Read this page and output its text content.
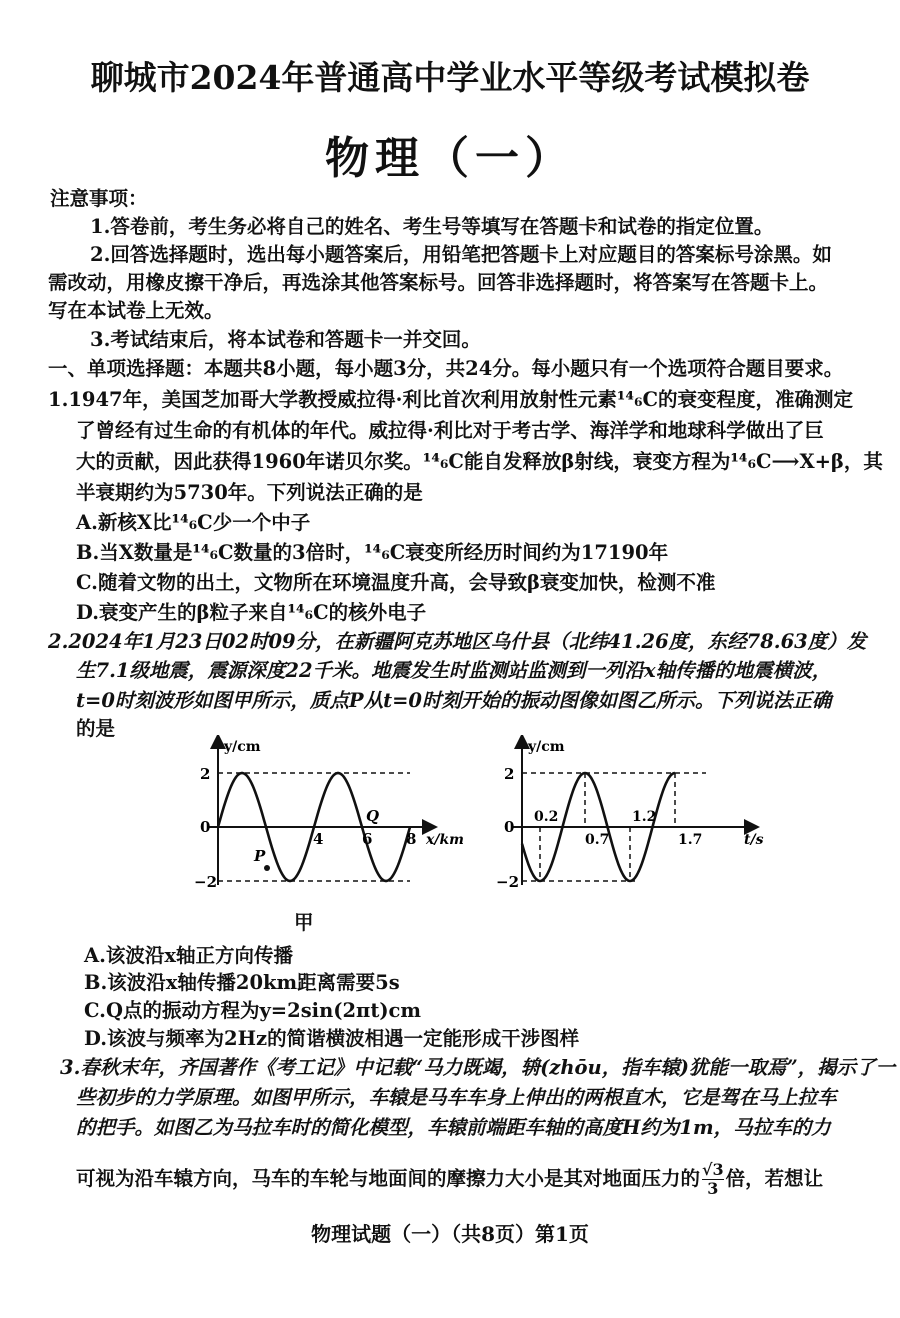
聊城市2024年普通高中学业水平等级考试模拟卷
物理（一）
注意事项：
1.答卷前，考生务必将自己的姓名、考生号等填写在答题卡和试卷的指定位置。
2.回答选择题时，选出每小题答案后，用铅笔把答题卡上对应题目的答案标号涂黑。如
需改动，用橡皮擦干净后，再选涂其他答案标号。回答非选择题时，将答案写在答题卡上。
写在本试卷上无效。
3.考试结束后，将本试卷和答题卡一并交回。
一、单项选择题：本题共8小题，每小题3分，共24分。每小题只有一个选项符合题目要求。
1.1947年，美国芝加哥大学教授威拉得·利比首次利用放射性元素¹⁴₆C的衰变程度，准确测定
了曾经有过生命的有机体的年代。威拉得·利比对于考古学、海洋学和地球科学做出了巨
大的贡献，因此获得1960年诺贝尔奖。¹⁴₆C能自发释放β射线，衰变方程为¹⁴₆C⟶X+β，其
半衰期约为5730年。下列说法正确的是
A.新核X比¹⁴₆C少一个中子
B.当X数量是¹⁴₆C数量的3倍时，¹⁴₆C衰变所经历时间约为17190年
C.随着文物的出土，文物所在环境温度升高，会导致β衰变加快，检测不准
D.衰变产生的β粒子来自¹⁴₆C的核外电子
2.2024年1月23日02时09分，在新疆阿克苏地区乌什县（北纬41.26度，东经78.63度）发
生7.1级地震，震源深度22千米。地震发生时监测站监测到一列沿x轴传播的地震横波，
t=0时刻波形如图甲所示，质点P从t=0时刻开始的振动图像如图乙所示。下列说法正确
的是
y/cm
2
0
−2
4	6 8 x/km
Q
P
甲
y/cm
2
0
−2
0.2
0.7
1.2
1.7	t/s
A.该波沿x轴正方向传播
B.该波沿x轴传播20km距离需要5s
C.Q点的振动方程为y=2sin(2πt)cm
D.该波与频率为2Hz的简谐横波相遇一定能形成干涉图样
3.春秋末年，齐国著作《考工记》中记载“马力既竭，辀(zhōu，指车辕)犹能一取焉”，揭示了一
些初步的力学原理。如图甲所示，车辕是马车车身上伸出的两根直木，它是驾在马上拉车
的把手。如图乙为马拉车时的简化模型，车辕前端距车轴的高度H约为1m，马拉车的力
可视为沿车辕方向，马车的车轮与地面间的摩擦力大小是其对地面压力的 $\frac{√3}{3}$ 倍，若想让
物理试题（一）（共8页）第1页
